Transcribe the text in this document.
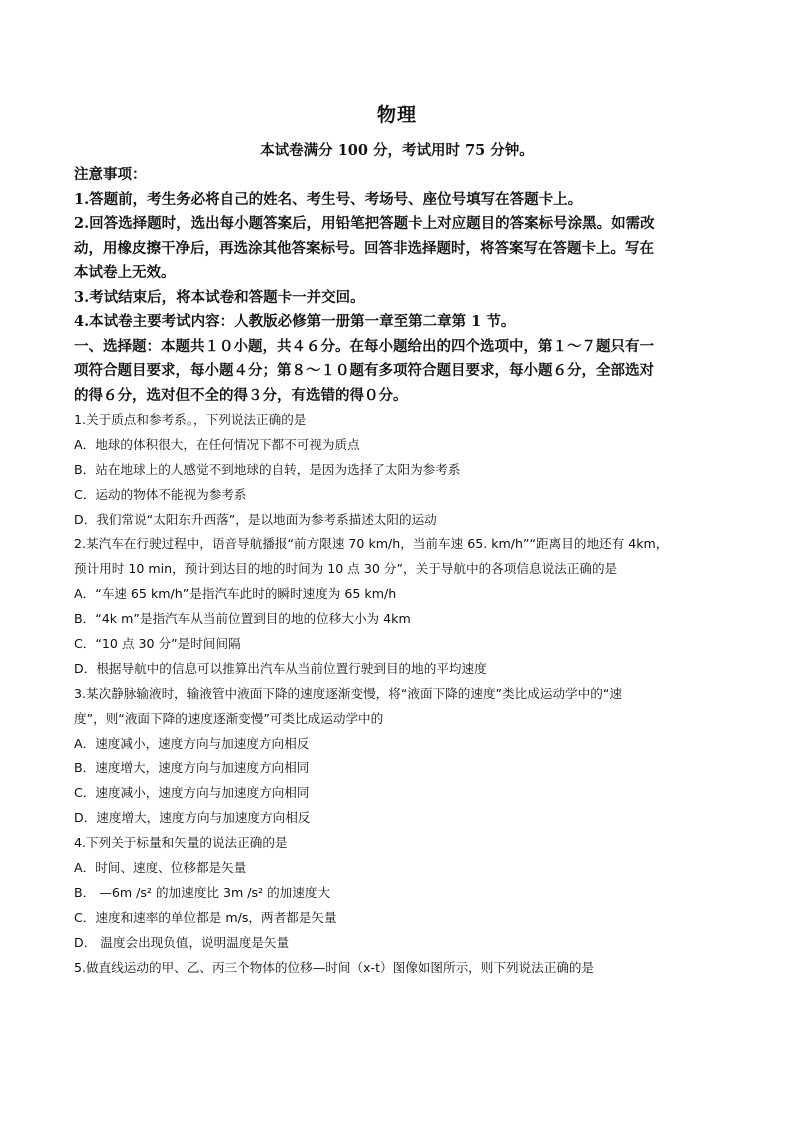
物理
本试卷满分 100 分，考试用时 75 分钟。
注意事项：
1.答题前，考生务必将自己的姓名、考生号、考场号、座位号填写在答题卡上。
2.回答选择题时，选出每小题答案后，用铅笔把答题卡上对应题目的答案标号涂黑。如需改
动，用橡皮擦干净后，再选涂其他答案标号。回答非选择题时，将答案写在答题卡上。写在
本试卷上无效。
3.考试结束后，将本试卷和答题卡一并交回。
4.本试卷主要考试内容：人教版必修第一册第一章至第二章第 1 节。
一、选择题：本题共１０小题，共４６分。在每小题给出的四个选项中，第１～７题只有一
项符合题目要求，每小题４分；第８～１０题有多项符合题目要求，每小题６分，全部选对
的得６分，选对但不全的得３分，有选错的得０分。
1.关于质点和参考系。，下列说法正确的是
A．地球的体积很大，在任何情况下都不可视为质点
B．站在地球上的人感觉不到地球的自转，是因为选择了太阳为参考系
C．运动的物体不能视为参考系
D．我们常说“太阳东升西落”，是以地面为参考系描述太阳的运动
2.某汽车在行驶过程中，语音导航播报“前方限速 70 km/h，当前车速 65. km/h”“距离目的地还有 4km，
预计用时 10 min，预计到达目的地的时间为 10 点 30 分”，关于导航中的各项信息说法正确的是
A．“车速 65 km/h”是指汽车此时的瞬时速度为 65 km/h
B．“4k m”是指汽车从当前位置到目的地的位移大小为 4km
C．“10 点 30 分”是时间间隔
D．根据导航中的信息可以推算出汽车从当前位置行驶到目的地的平均速度
3.某次静脉输液时，输液管中液面下降的速度逐渐变慢，将“液面下降的速度”类比成运动学中的“速
度”，则“液面下降的速度逐渐变慢”可类比成运动学中的
A．速度减小，速度方向与加速度方向相反
B．速度增大，速度方向与加速度方向相同
C．速度减小，速度方向与加速度方向相同
D．速度增大，速度方向与加速度方向相反
4.下列关于标量和矢量的说法正确的是
A．时间、速度、位移都是矢量
B． —6m /s² 的加速度比 3m /s² 的加速度大
C．速度和速率的单位都是 m/s，两者都是矢量
D． 温度会出现负值，说明温度是矢量
5.做直线运动的甲、乙、丙三个物体的位移—时间（x-t）图像如图所示，则下列说法正确的是
